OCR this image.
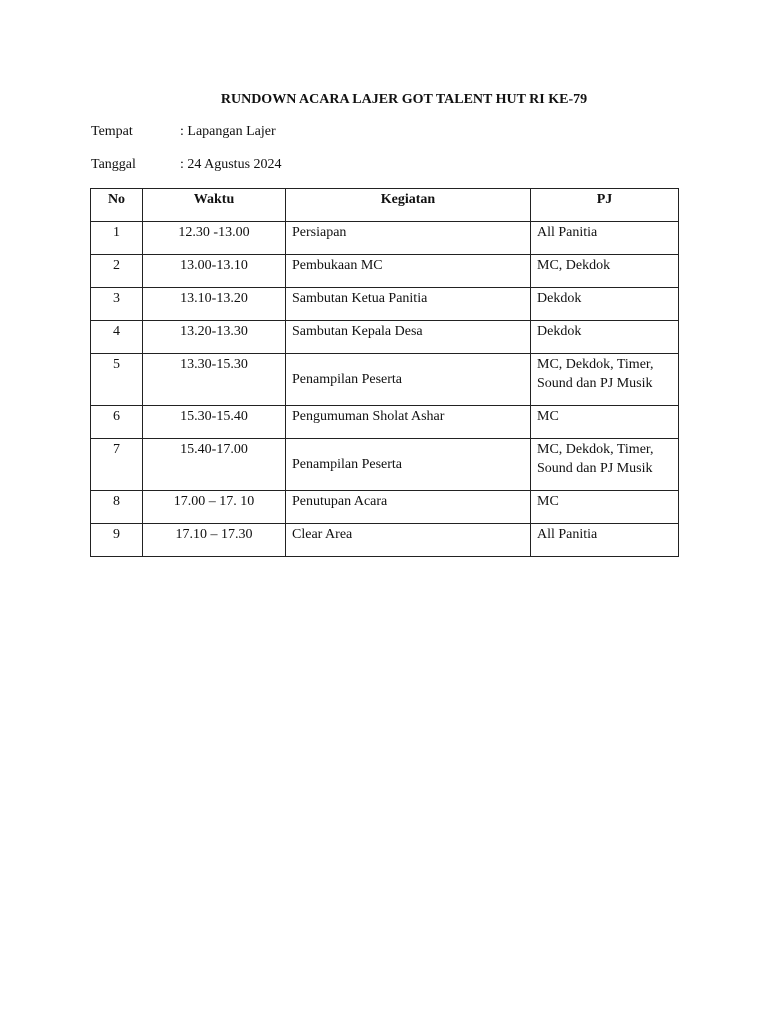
RUNDOWN ACARA LAJER GOT TALENT HUT RI KE-79
Tempat	: Lapangan Lajer
Tanggal	: 24 Agustus 2024
No	Waktu	Kegiatan	PJ
1	12.30 -13.00	Persiapan	All Panitia
2	13.00-13.10	Pembukaan MC	MC, Dekdok
3	13.10-13.20	Sambutan Ketua Panitia	Dekdok
4	13.20-13.30	Sambutan Kepala Desa	Dekdok
5	13.30-15.30	Penampilan Peserta	MC, Dekdok, Timer, Sound dan PJ Musik
6	15.30-15.40	Pengumuman Sholat Ashar	MC
7	15.40-17.00	Penampilan Peserta	MC, Dekdok, Timer, Sound dan PJ Musik
8	17.00 – 17. 10	Penutupan Acara	MC
9	17.10 – 17.30	Clear Area	All Panitia
